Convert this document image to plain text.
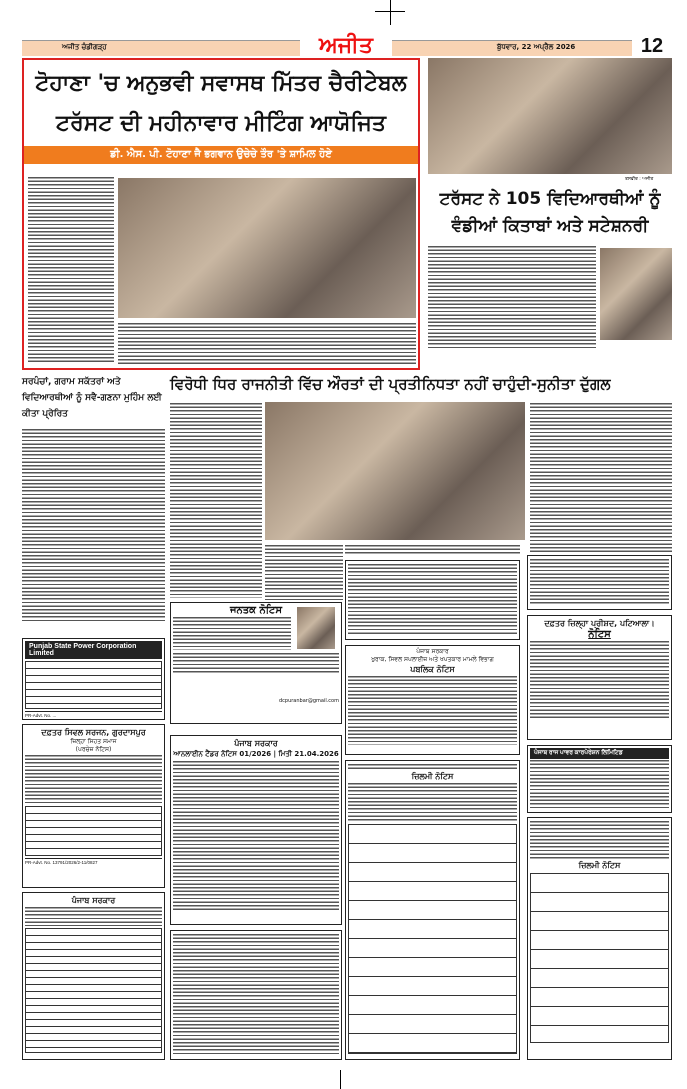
ਅਜੀਤ ਚੰਡੀਗੜ੍ਹ	ਬੁੱਧਵਾਰ, 22 ਅਪ੍ਰੈਲ 2026
ਅਜੀਤ	12
ਟੋਹਾਣਾ 'ਚ ਅਨੁਭਵੀ ਸਵਾਸਥ ਮਿੱਤਰ ਚੈਰੀਟੇਬਲ
ਟਰੱਸਟ ਦੀ ਮਹੀਨਾਵਾਰ ਮੀਟਿੰਗ ਆਯੋਜਿਤ
ਡੀ. ਐਸ. ਪੀ. ਟੋਹਾਣਾ ਜੈ ਭਗਵਾਨ ਉਚੇਚੇ ਤੌਰ 'ਤੇ ਸ਼ਾਮਿਲ ਹੋਏ
ਤਸਵੀਰ : ਅਜੀਤ
ਟਰੱਸਟ ਨੇ 105 ਵਿਦਿਆਰਥੀਆਂ ਨੂੰ ਵੰਡੀਆਂ ਕਿਤਾਬਾਂ ਅਤੇ ਸਟੇਸ਼ਨਰੀ
ਸਰਪੰਚਾਂ, ਗਰਾਮ ਸਕੱਤਰਾਂ ਅਤੇ ਵਿਦਿਆਰਥੀਆਂ ਨੂੰ ਸਵੈ-ਗਣਨਾ ਮੁਹਿੰਮ ਲਈ ਕੀਤਾ ਪ੍ਰੇਰਿਤ
ਵਿਰੋਧੀ ਧਿਰ ਰਾਜਨੀਤੀ ਵਿੱਚ ਔਰਤਾਂ ਦੀ ਪ੍ਰਤੀਨਿਧਤਾ ਨਹੀਂ ਚਾਹੁੰਦੀ-ਸੁਨੀਤਾ ਦੁੱਗਲ
Punjab State Power Corporation Limited
PR-Advt. No. ...
ਦਫ਼ਤਰ ਸਿਵਲ ਸਰਜਨ, ਗੁਰਦਾਸਪੁਰ
ਜ਼ਿਲ੍ਹਾ ਸਿਹਤ ਸਮਾਜ
(ਪਰਚੇਜ਼ ਨੋਟਿਸ)
PR-Advt. No. 13791/2026/2-11/0827
ਪੰਜਾਬ ਸਰਕਾਰ
ਜਨਤਕ ਨੋਟਿਸ
dcpuranbar@gmail.com
ਪੰਜਾਬ ਸਰਕਾਰ
ਆਨਲਾਈਨ ਟੈਂਡਰ ਨੋਟਿਸ 01/2026 | ਮਿਤੀ 21.04.2026
ਪੰਜਾਬ ਸਰਕਾਰ
ਖੁਰਾਕ, ਸਿਵਲ ਸਪਲਾਈਜ਼ ਅਤੇ ਖਪਤਕਾਰ ਮਾਮਲੇ ਵਿਭਾਗ
ਪਬਲਿਕ ਨੋਟਿਸ
ਜ਼ਿਲਮੀ ਨੋਟਿਸ
ਦਫ਼ਤਰ ਜ਼ਿਲ੍ਹਾ ਪ੍ਰੀਸ਼ਦ, ਪਟਿਆਲਾ।
ਨੋਟਿਸ
ਪੰਜਾਬ ਰਾਜ ਪਾਵਰ ਕਾਰਪੋਰੇਸ਼ਨ ਲਿਮਿਟਿਡ
ਜ਼ਿਲਮੀ ਨੋਟਿਸ
